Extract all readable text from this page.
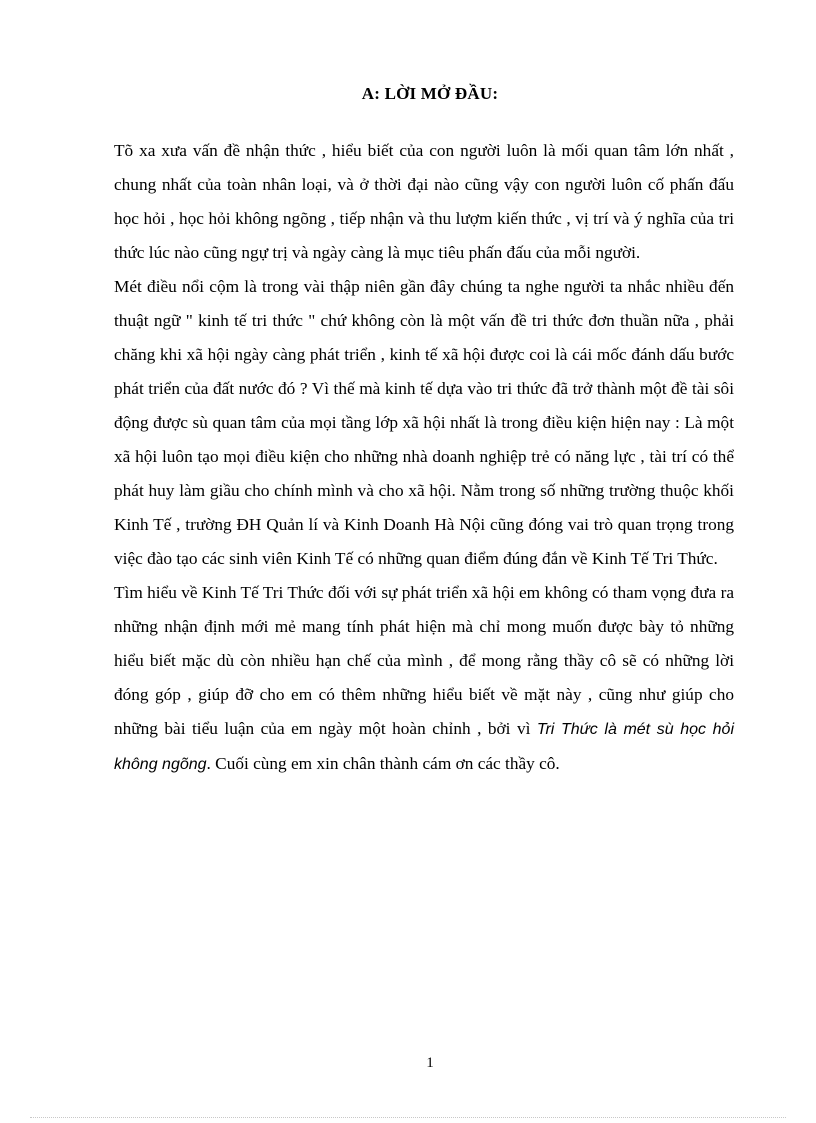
A: LỜI MỞ ĐẦU:

Tõ xa xưa vấn đề nhận thức , hiểu biết của con người luôn là mối quan tâm lớn nhất , chung nhất của toàn nhân loại, và ở thời đại nào cũng vậy con người luôn cố phấn đấu học hỏi , học hỏi không ngõng , tiếp nhận và thu lượm kiến thức , vị trí và ý nghĩa của tri thức lúc nào cũng ngự trị và ngày càng là mục tiêu phấn đấu của mỗi người.

Mét điều nổi cộm là trong vài thập niên gần đây chúng ta nghe người ta nhắc nhiều đến thuật ngữ " kinh tế tri thức " chứ không còn là một vấn đề tri thức đơn thuần nữa , phải chăng khi xã hội ngày càng phát triển , kinh tế xã hội được coi là cái mốc đánh dấu bước phát triển của đất nước đó ? Vì thế mà kinh tế dựa vào tri thức đã trở thành một đề tài sôi động được sù quan tâm của mọi tầng lớp xã hội nhất là trong điều kiện hiện nay : Là một xã hội luôn tạo mọi điều kiện cho những nhà doanh nghiệp trẻ có năng lực , tài trí có thể phát huy làm giầu cho chính mình và cho xã hội. Nằm trong số những trường thuộc khối Kinh Tế , trường ĐH Quản lí và Kinh Doanh Hà Nội cũng đóng vai trò quan trọng trong việc đào tạo các sinh viên Kinh Tế có những quan điểm đúng đắn về Kinh Tế Tri Thức.

Tìm hiểu về Kinh Tế Tri Thức đối với sự phát triển xã hội em không có tham vọng đưa ra những nhận định mới mẻ mang tính phát hiện mà chỉ mong muốn được bày tỏ những hiểu biết mặc dù còn nhiều hạn chế của mình , để mong rằng thầy cô sẽ có những lời đóng góp , giúp đỡ cho em có thêm những hiểu biết về mặt này , cũng như giúp cho những bài tiểu luận của em ngày một hoàn chỉnh , bởi vì Tri Thức là mét sù học hỏi không ngõng. Cuối cùng em xin chân thành cám ơn các thầy cô.

1
